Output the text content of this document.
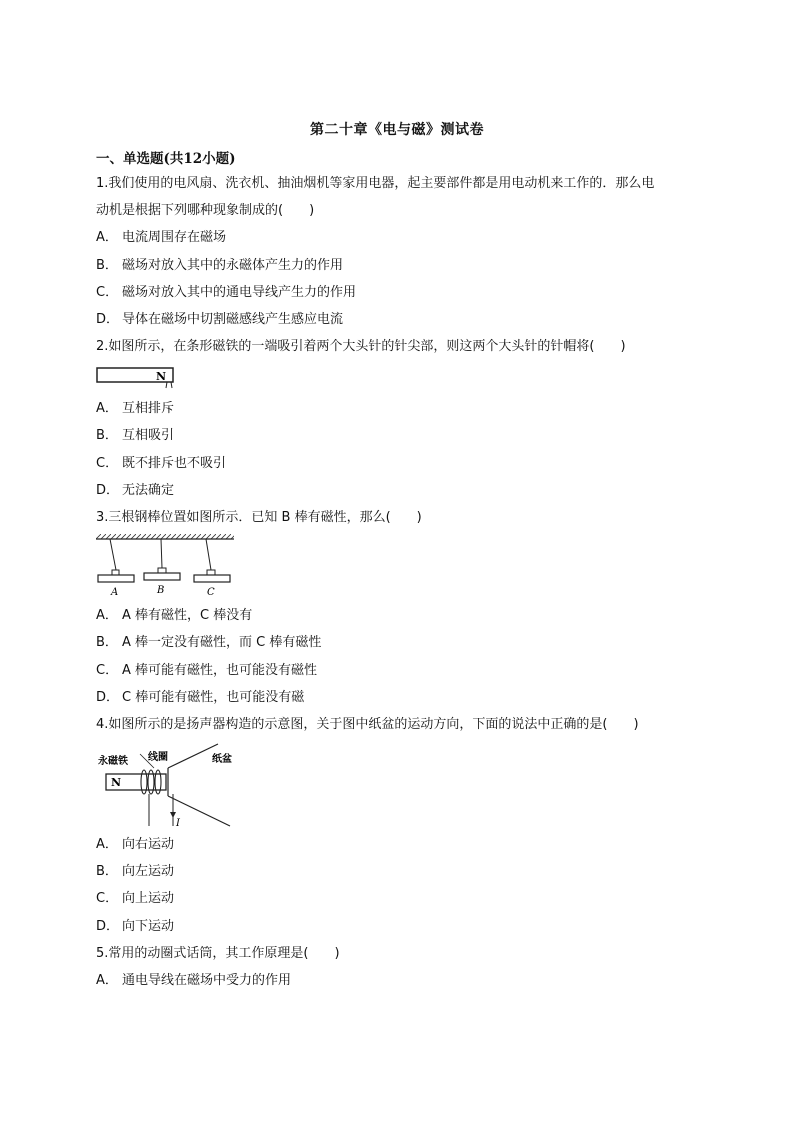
第二十章《电与磁》测试卷
一、单选题(共12小题)
1.我们使用的电风扇、洗衣机、抽油烟机等家用电器，起主要部件都是用电动机来工作的．那么电
动机是根据下列哪种现象制成的(　　)
A． 电流周围存在磁场
B． 磁场对放入其中的永磁体产生力的作用
C． 磁场对放入其中的通电导线产生力的作用
D． 导体在磁场中切割磁感线产生感应电流
2.如图所示，在条形磁铁的一端吸引着两个大头针的针尖部，则这两个大头针的针帽将(　　)
N
A． 互相排斥
B． 互相吸引
C． 既不排斥也不吸引
D． 无法确定
3.三根钢棒位置如图所示．已知 B 棒有磁性，那么(　　)
A	B	C
A． A 棒有磁性，C 棒没有
B． A 棒一定没有磁性，而 C 棒有磁性
C． A 棒可能有磁性，也可能没有磁性
D． C 棒可能有磁性，也可能没有磁
4.如图所示的是扬声器构造的示意图，关于图中纸盆的运动方向，下面的说法中正确的是(　　)
永磁铁 线圈	纸盆
N
I
A． 向右运动
B． 向左运动
C． 向上运动
D． 向下运动
5.常用的动圈式话筒，其工作原理是(　　)
A． 通电导线在磁场中受力的作用
